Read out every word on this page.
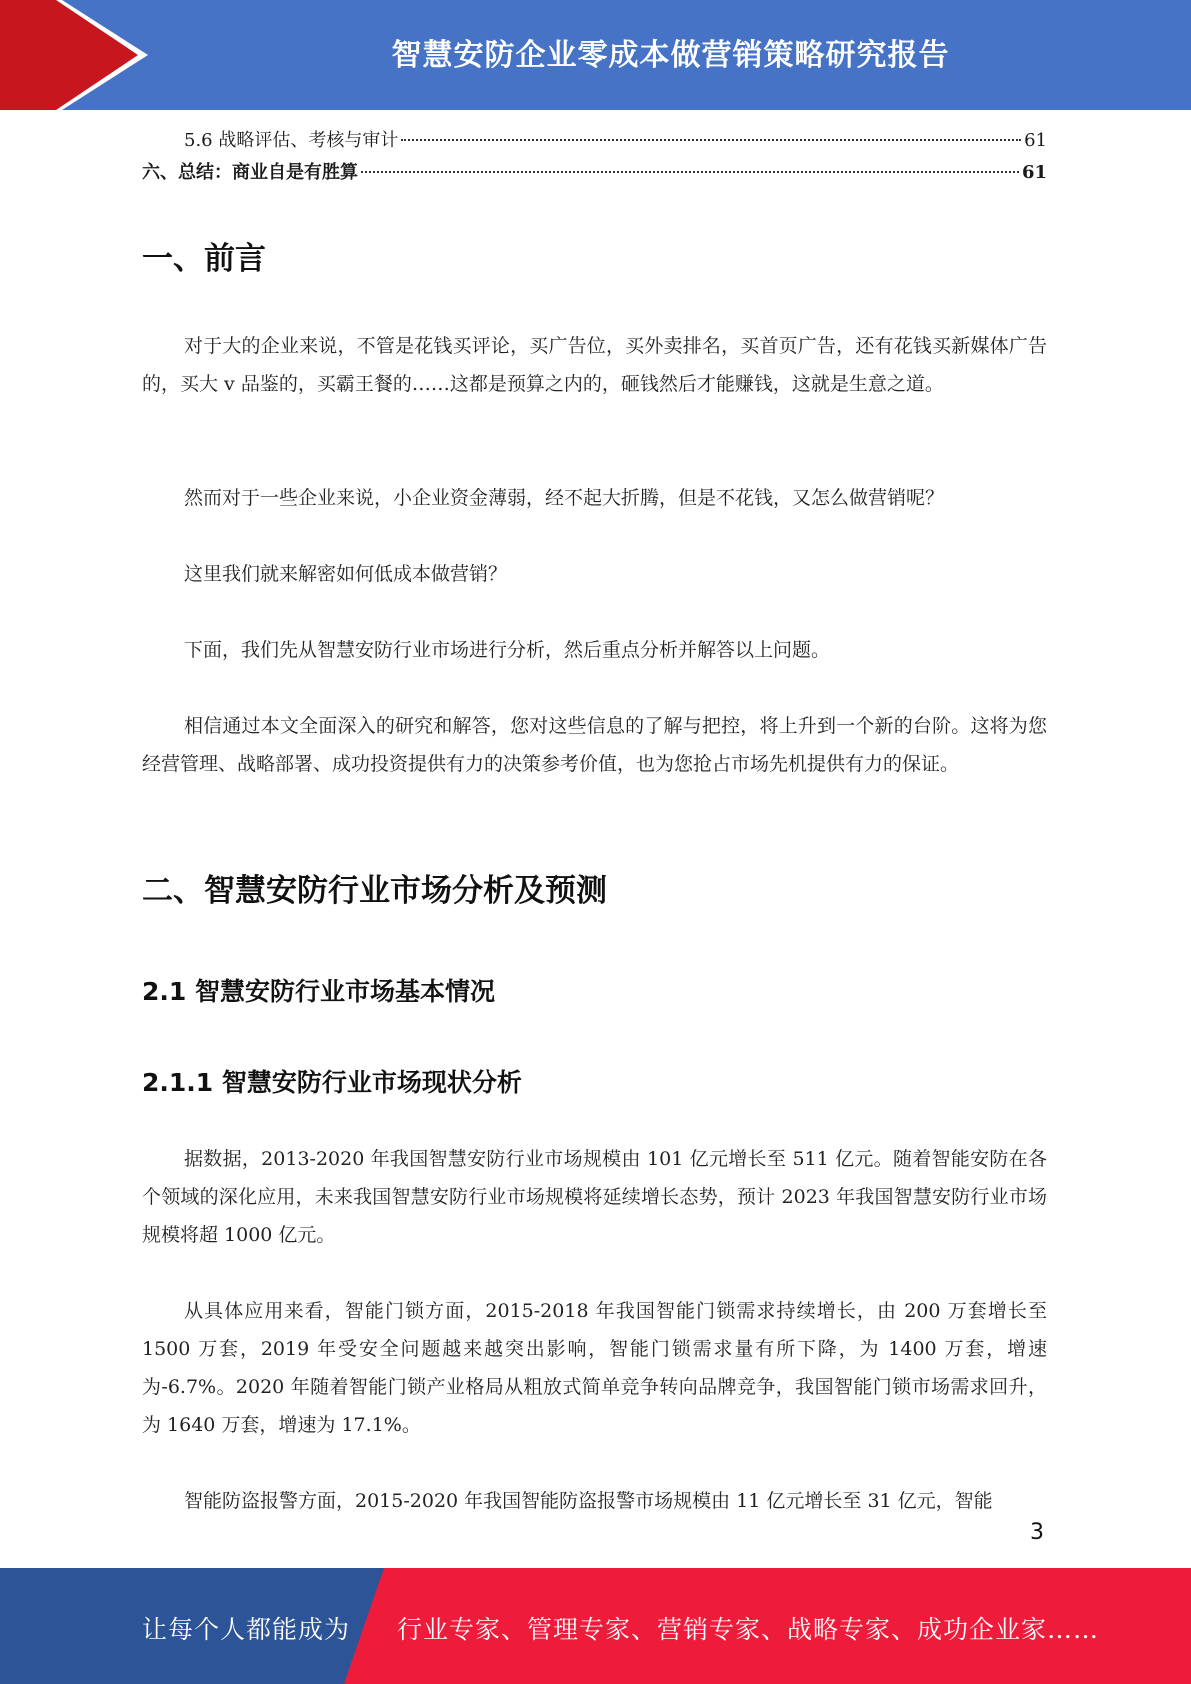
智慧安防企业零成本做营销策略研究报告
5.6 战略评估、考核与审计	61
六、总结：商业自是有胜算	61
一、前言

对于大的企业来说，不管是花钱买评论，买广告位，买外卖排名，买首页广告，还有花钱买新媒体广告的，买大 v 品鉴的，买霸王餐的……这都是预算之内的，砸钱然后才能赚钱，这就是生意之道。

然而对于一些企业来说，小企业资金薄弱，经不起大折腾，但是不花钱，又怎么做营销呢？

这里我们就来解密如何低成本做营销？

下面，我们先从智慧安防行业市场进行分析，然后重点分析并解答以上问题。

相信通过本文全面深入的研究和解答，您对这些信息的了解与把控，将上升到一个新的台阶。这将为您经营管理、战略部署、成功投资提供有力的决策参考价值，也为您抢占市场先机提供有力的保证。

二、智慧安防行业市场分析及预测
2.1 智慧安防行业市场基本情况
2.1.1 智慧安防行业市场现状分析

据数据，2013-2020 年我国智慧安防行业市场规模由 101 亿元增长至 511 亿元。随着智能安防在各个领域的深化应用，未来我国智慧安防行业市场规模将延续增长态势，预计 2023 年我国智慧安防行业市场规模将超 1000 亿元。

从具体应用来看，智能门锁方面，2015-2018 年我国智能门锁需求持续增长，由 200 万套增长至 1500 万套，2019 年受安全问题越来越突出影响，智能门锁需求量有所下降，为 1400 万套，增速为-6.7%。2020 年随着智能门锁产业格局从粗放式简单竞争转向品牌竞争，我国智能门锁市场需求回升，为 1640 万套，增速为 17.1%。

智能防盗报警方面，2015-2020 年我国智能防盗报警市场规模由 11 亿元增长至 31 亿元，智能

3
让每个人都能成为 行业专家、管理专家、营销专家、战略专家、成功企业家……
